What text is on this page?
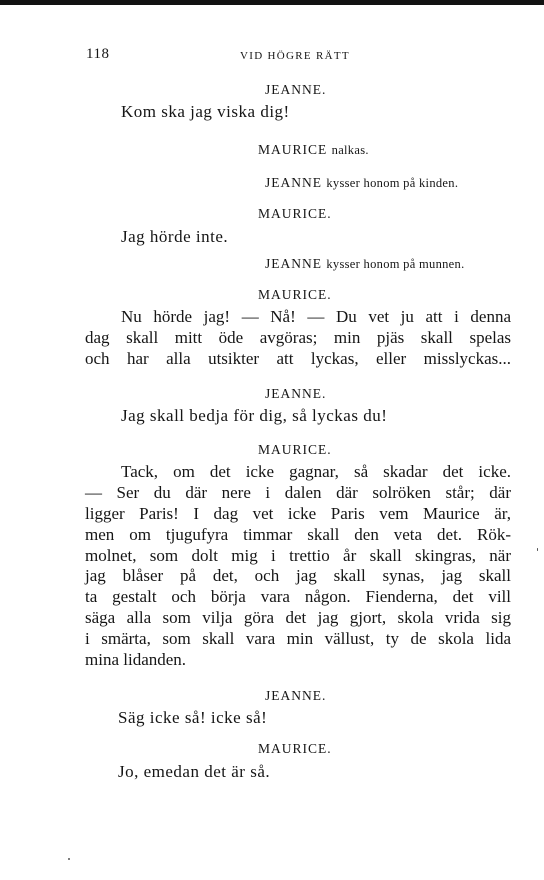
118	VID HÖGRE RÄTT
JEANNE.
Kom ska jag viska dig!
MAURICE nalkas.
JEANNE kysser honom på kinden.
MAURICE.
Jag hörde inte.
JEANNE kysser honom på munnen.
MAURICE.
Nu hörde jag! — Nå! — Du vet ju att i denna
dag skall mitt öde avgöras; min pjäs skall spelas
och har alla utsikter att lyckas, eller misslyckas...
JEANNE.
Jag skall bedja för dig, så lyckas du!
MAURICE.
Tack, om det icke gagnar, så skadar det icke.
— Ser du där nere i dalen där solröken står; där
ligger Paris! I dag vet icke Paris vem Maurice är,
men om tjugufyra timmar skall den veta det. Rök-
molnet, som dolt mig i trettio år skall skingras, när
jag blåser på det, och jag skall synas, jag skall
ta gestalt och börja vara någon. Fienderna, det vill
säga alla som vilja göra det jag gjort, skola vrida sig
i smärta, som skall vara min vällust, ty de skola lida
mina lidanden.
JEANNE.
Säg icke så! icke så!
MAURICE.
Jo, emedan det är så.
